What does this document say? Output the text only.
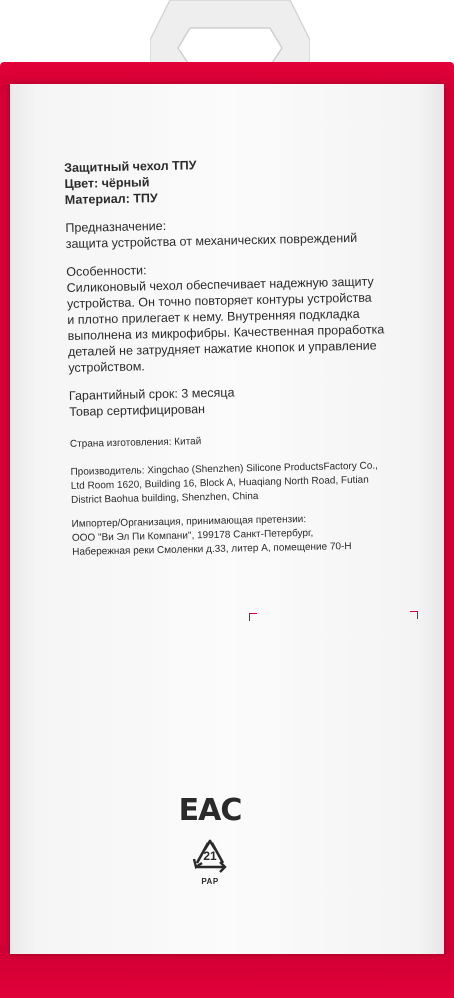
Защитный чехол ТПУ
Цвет: чёрный
Материал: ТПУ
Предназначение:
защита устройства от механических повреждений
Особенности:
Силиконовый чехол обеспечивает надежную защиту
устройства. Он точно повторяет контуры устройства
и плотно прилегает к нему. Внутренняя подкладка
выполнена из микрофибры. Качественная проработка
деталей не затрудняет нажатие кнопок и управление
устройством.
Гарантийный срок: 3 месяца
Товар сертифицирован
Страна изготовления: Китай
Производитель: Xingchao (Shenzhen) Silicone ProductsFactory Co.,
Ltd Room 1620, Building 16, Block A, Huaqiang North Road, Futian
District Baohua building, Shenzhen, China
Импортер/Организация, принимающая претензии:
ООО "Ви Эл Пи Компани", 199178 Санкт-Петербург,
Набережная реки Смоленки д.33, литер А, помещение 70-Н
EAC
21
PAP
